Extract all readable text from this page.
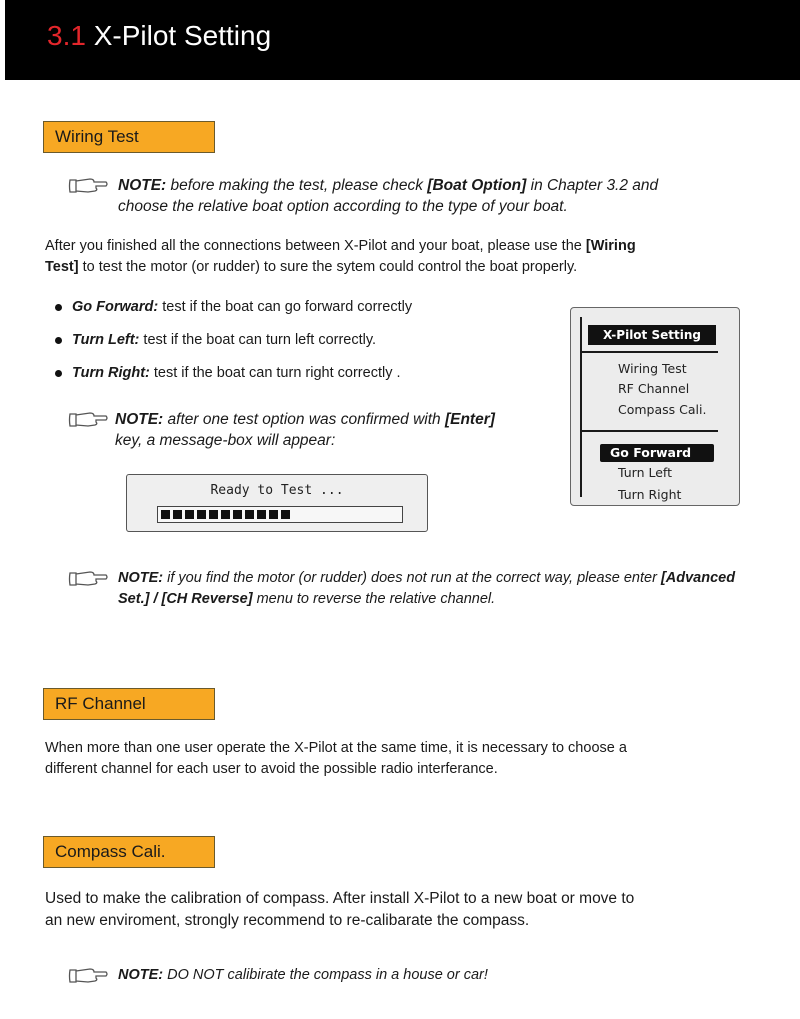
3.1 X-Pilot Setting
Wiring Test
NOTE: before making the test, please check [Boat Option] in Chapter 3.2 and
choose the relative boat option according to the type of your boat.
After you finished all the connections between X-Pilot and your boat, please use the [Wiring
Test] to test the motor (or rudder) to sure the sytem could control the boat properly.
Go Forward: test if the boat can go forward correctly
Turn Left: test if the boat can turn left correctly.
Turn Right: test if the boat can turn right correctly .
NOTE: after one test option was confirmed with [Enter]
key, a message-box will appear:
Ready to Test ...
X-Pilot Setting
Wiring Test
RF Channel
Compass Cali.
Go Forward
Turn Left
Turn Right
NOTE: if you find the motor (or rudder) does not run at the correct way, please enter [Advanced
Set.] / [CH Reverse] menu to reverse the relative channel.
RF Channel
When more than one user operate the X-Pilot at the same time, it is necessary to choose a
different channel for each user to avoid the possible radio interferance.
Compass Cali.
Used to make the calibration of compass. After install X-Pilot to a new boat or move to
an new enviroment, strongly recommend to re-calibarate the compass.
NOTE: DO NOT calibirate the compass in a house or car!
